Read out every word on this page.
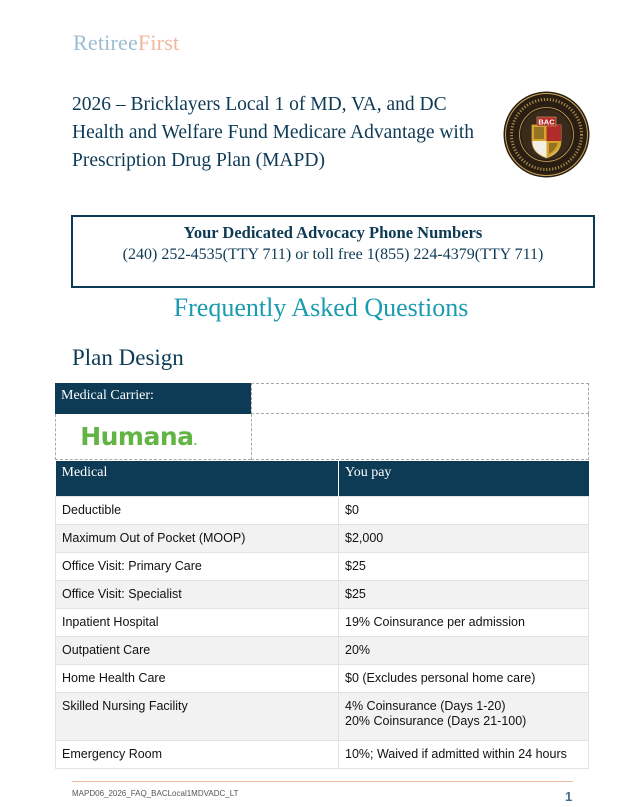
RetireeFirst
2026 – Bricklayers Local 1 of MD, VA, and DC Health and Welfare Fund Medicare Advantage with Prescription Drug Plan (MAPD)
BAC
Your Dedicated Advocacy Phone Numbers
(240) 252-4535(TTY 711) or toll free 1(855) 224-4379(TTY 711)
Frequently Asked Questions
Plan Design
Medical Carrier:
Humana.
Medical	You pay
Deductible	$0
Maximum Out of Pocket (MOOP)	$2,000
Office Visit: Primary Care	$25
Office Visit: Specialist	$25
Inpatient Hospital	19% Coinsurance per admission
Outpatient Care	20%
Home Health Care	$0 (Excludes personal home care)
Skilled Nursing Facility	4% Coinsurance (Days 1-20)
20% Coinsurance (Days 21-100)

Emergency Room	10%; Waived if admitted within 24 hours
MAPD06_2026_FAQ_BACLocal1MDVADC_LT	1
